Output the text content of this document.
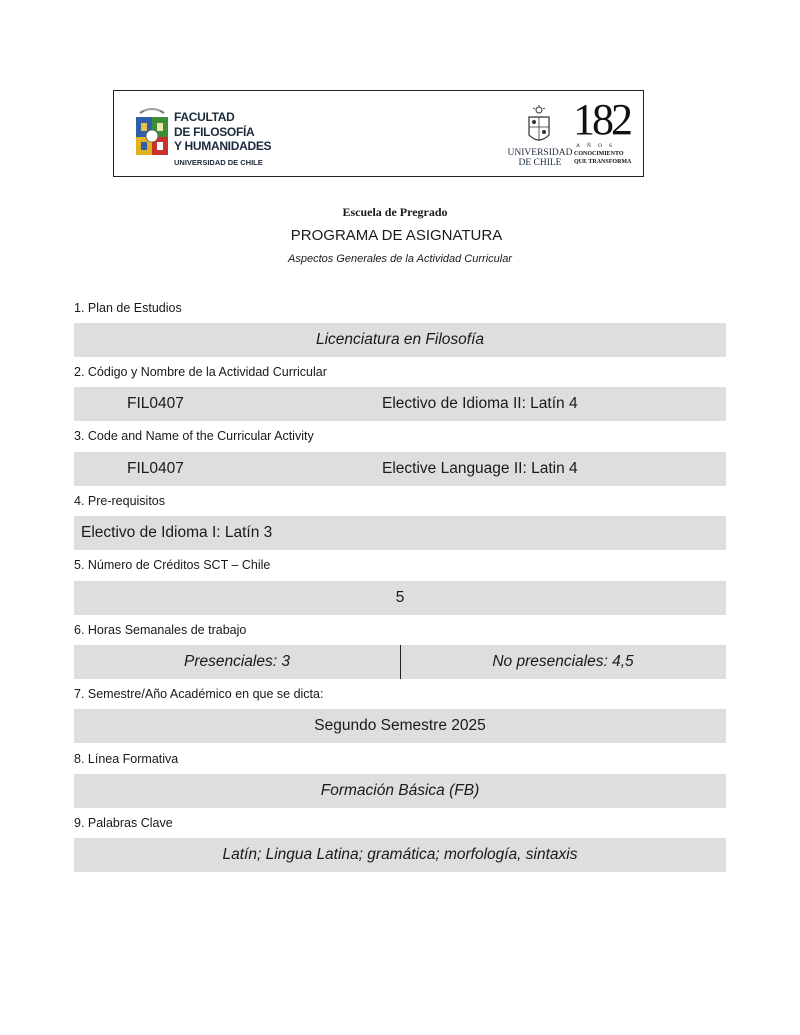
FACULTAD
DE FILOSOFÍA
Y HUMANIDADES
UNIVERSIDAD DE CHILE
UNIVERSIDAD
DE CHILE
182
AÑOS
CONOCIMIENTO
QUE TRANSFORMA
Escuela de Pregrado
PROGRAMA DE ASIGNATURA
Aspectos Generales de la Actividad Curricular
1. Plan de Estudios
Licenciatura en Filosofía
2. Código y Nombre de la Actividad Curricular
FIL0407	Electivo de Idioma II: Latín 4
3. Code and Name of the Curricular Activity
FIL0407	Elective Language II: Latin 4
4. Pre-requisitos
Electivo de Idioma I: Latín 3
5. Número de Créditos SCT – Chile
5
6. Horas Semanales de trabajo
Presenciales: 3	No presenciales: 4,5
7. Semestre/Año Académico en que se dicta:
Segundo Semestre 2025
8. Línea Formativa
Formación Básica (FB)
9. Palabras Clave
Latín; Lingua Latina; gramática; morfología, sintaxis
